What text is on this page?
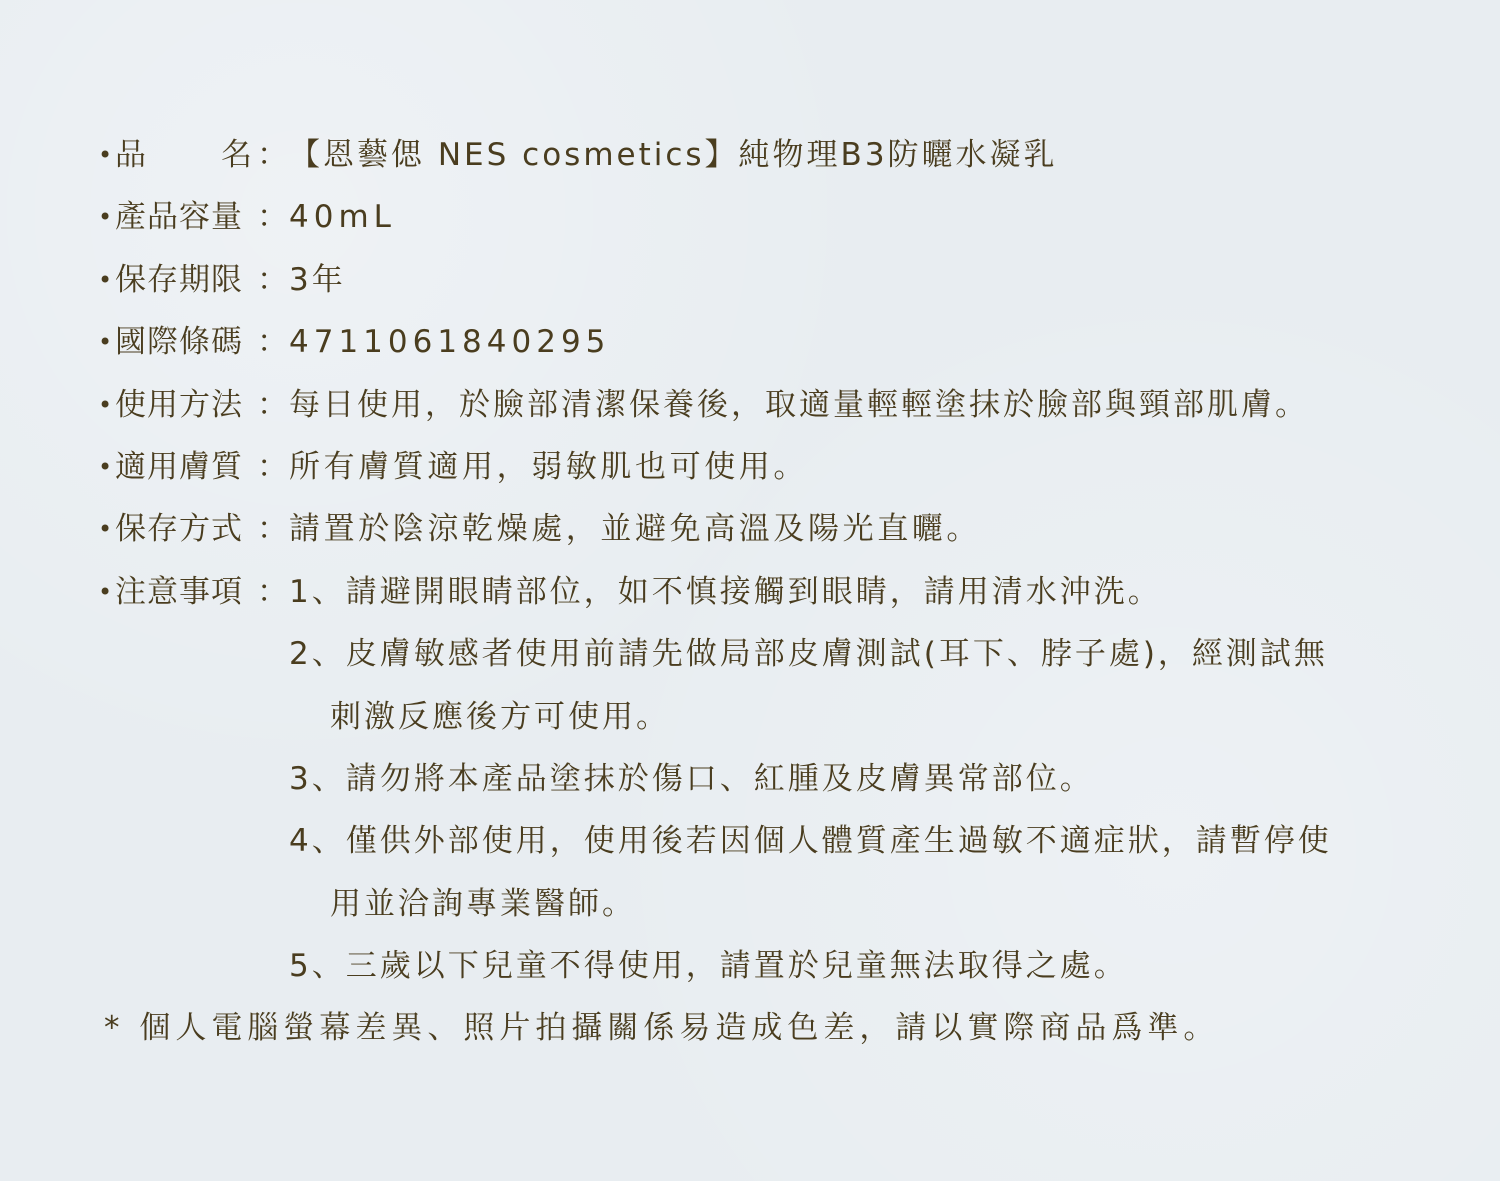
• 品 名 ： 【恩藝偲 NES cosmetics】純物理B3防曬水凝乳
• 產品容量 ： 40mL
• 保存期限 ： 3年
• 國際條碼 ： 4711061840295
• 使用方法 ： 每日使用，於臉部清潔保養後，取適量輕輕塗抹於臉部與頸部肌膚。
• 適用膚質 ： 所有膚質適用，弱敏肌也可使用。
• 保存方式 ： 請置於陰涼乾燥處，並避免高溫及陽光直曬。
• 注意事項 ： 1、請避開眼睛部位，如不慎接觸到眼睛，請用清水沖洗。
2、皮膚敏感者使用前請先做局部皮膚測試(耳下、脖子處)，經測試無
刺激反應後方可使用。
3、請勿將本產品塗抹於傷口、紅腫及皮膚異常部位。
4、僅供外部使用，使用後若因個人體質產生過敏不適症狀，請暫停使
用並洽詢專業醫師。
5、三歲以下兒童不得使用，請置於兒童無法取得之處。
* 個人電腦螢幕差異、照片拍攝關係易造成色差，請以實際商品爲準。
